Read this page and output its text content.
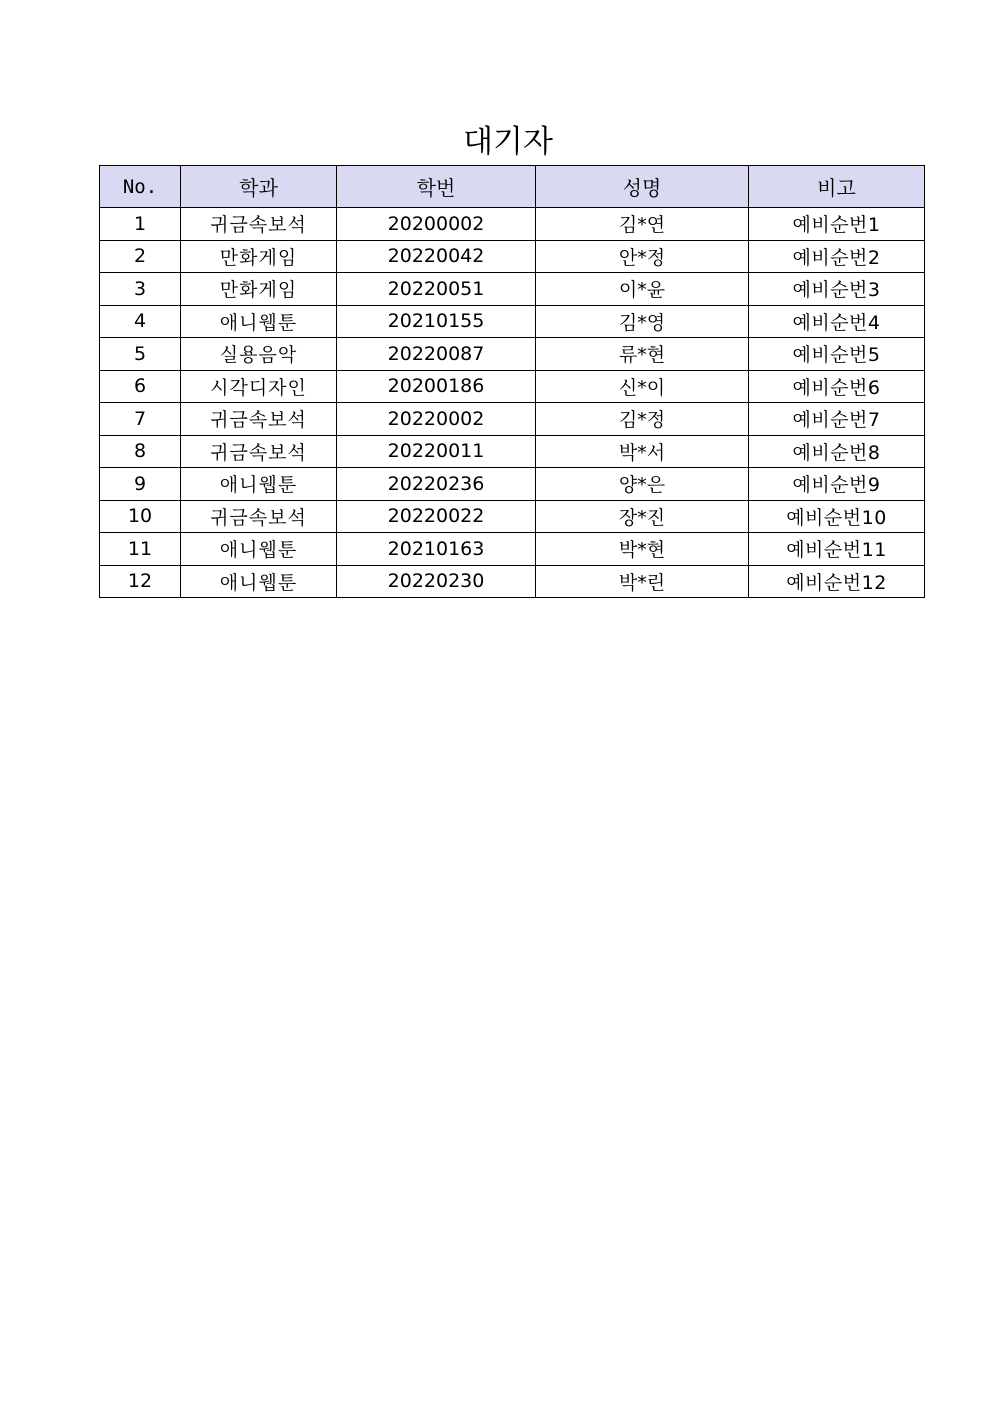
대기자
No.	학과	학번	성명	비고
1	귀금속보석	20200002	김*연	예비순번1
2	만화게임	20220042	안*정	예비순번2
3	만화게임	20220051	이*윤	예비순번3
4	애니웹툰	20210155	김*영	예비순번4
5	실용음악	20220087	류*현	예비순번5
6	시각디자인	20200186	신*이	예비순번6
7	귀금속보석	20220002	김*정	예비순번7
8	귀금속보석	20220011	박*서	예비순번8
9	애니웹툰	20220236	양*은	예비순번9
10	귀금속보석	20220022	장*진	예비순번10
11	애니웹툰	20210163	박*현	예비순번11
12	애니웹툰	20220230	박*린	예비순번12
